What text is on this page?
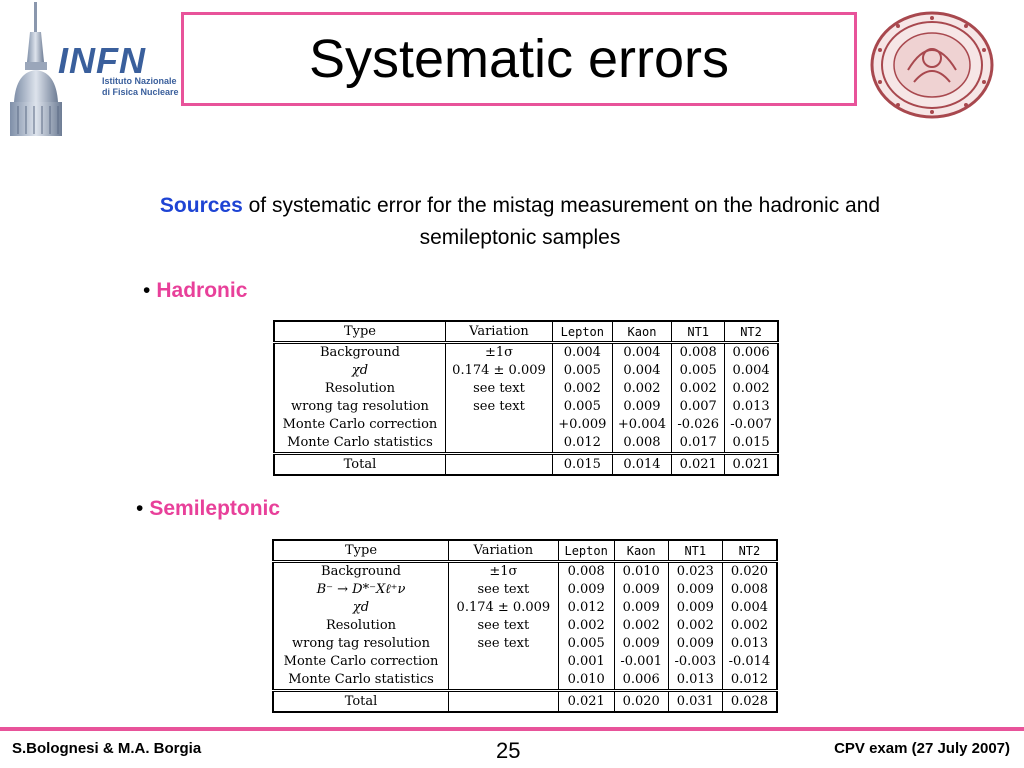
INFN
Istituto Nazionale
di Fisica Nucleare
Systematic errors
Sources of systematic error for the mistag measurement on the hadronic and semileptonic samples
• Hadronic
Type	Variation	Lepton	Kaon	NT1	NT2
Background	±1σ	0.004	0.004	0.008	0.006
χd	0.174 ± 0.009	0.005	0.004	0.005	0.004
Resolution	see text	0.002	0.002	0.002	0.002
wrong tag resolution	see text	0.005	0.009	0.007	0.013
Monte Carlo correction		+0.009	+0.004	-0.026	-0.007
Monte Carlo statistics		0.012	0.008	0.017	0.015
Total		0.015	0.014	0.021	0.021
• Semileptonic
Type	Variation	Lepton	Kaon	NT1	NT2
Background	±1σ	0.008	0.010	0.023	0.020
B⁻ → D*⁻Xℓ⁺ν	see text	0.009	0.009	0.009	0.008
χd	0.174 ± 0.009	0.012	0.009	0.009	0.004
Resolution	see text	0.002	0.002	0.002	0.002
wrong tag resolution	see text	0.005	0.009	0.009	0.013
Monte Carlo correction		0.001	-0.001	-0.003	-0.014
Monte Carlo statistics		0.010	0.006	0.013	0.012
Total		0.021	0.020	0.031	0.028
S.Bolognesi & M.A. Borgia	25	CPV exam (27 July 2007)
